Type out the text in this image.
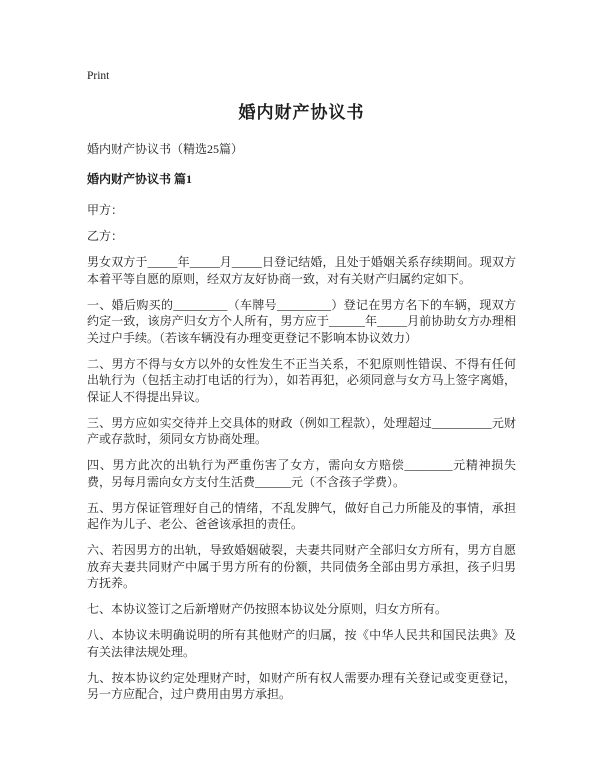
Print
婚内财产协议书

婚内财产协议书（精选25篇）

婚内财产协议书 篇1

甲方：

乙方：

男女双方于_____年_____月_____日登记结婚，且处于婚姻关系存续期间。现双方本着平等自愿的原则，经双方友好协商一致，对有关财产归属约定如下。

一、婚后购买的_________（车牌号_________）登记在男方名下的车辆，现双方约定一致，该房产归女方个人所有，男方应于______年_____月前协助女方办理相关过户手续。（若该车辆没有办理变更登记不影响本协议效力）

二、男方不得与女方以外的女性发生不正当关系，不犯原则性错误、不得有任何出轨行为（包括主动打电话的行为），如若再犯，必须同意与女方马上签字离婚，保证人不得提出异议。

三、男方应如实交待并上交具体的财政（例如工程款），处理超过__________元财产或存款时，须同女方协商处理。

四、男方此次的出轨行为严重伤害了女方，需向女方赔偿________元精神损失费，另每月需向女方支付生活费______元（不含孩子学费）。

五、男方保证管理好自己的情绪，不乱发脾气，做好自己力所能及的事情，承担起作为儿子、老公、爸爸该承担的责任。

六、若因男方的出轨，导致婚姻破裂，夫妻共同财产全部归女方所有，男方自愿放弃夫妻共同财产中属于男方所有的份额，共同债务全部由男方承担，孩子归男方抚养。

七、本协议签订之后新增财产仍按照本协议处分原则，归女方所有。

八、本协议未明确说明的所有其他财产的归属，按《中华人民共和国民法典》及有关法律法规处理。

九、按本协议约定处理财产时，如财产所有权人需要办理有关登记或变更登记，另一方应配合，过户费用由男方承担。
